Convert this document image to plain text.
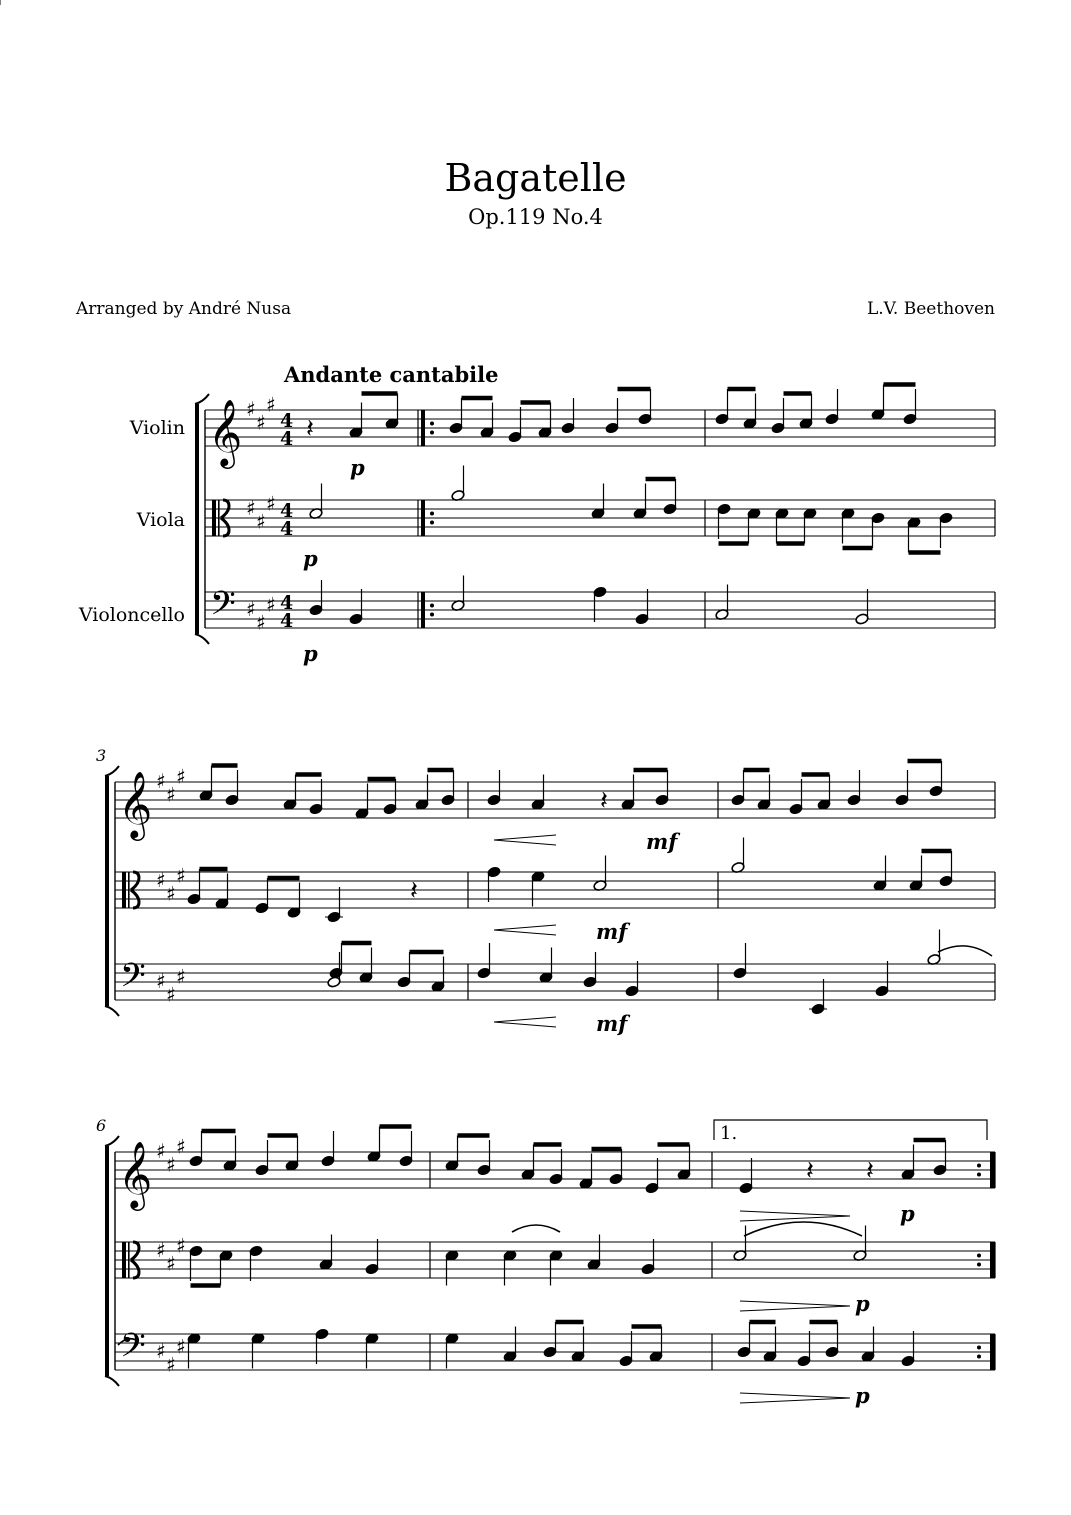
Bagatelle
Op.119 No.4
Arranged by André Nusa	L.V. Beethoven
𝄞 ♯
♯
♯
4
4
♯
♯
♯ 4
4
𝄢 ♯
♯
♯ 4
4
𝄞 ♯
♯
♯
♯
♯
♯
𝄢 ♯
♯
♯
𝄞 ♯
♯
♯
♯
♯
♯
𝄢 ♯
♯
♯
𝄽
𝄽
𝄽
𝄽 𝄽
Andante cantabile
Violin
Viola
Violoncello
3
6	1.
p
p
p
mf
mf
mf
p
p
p
